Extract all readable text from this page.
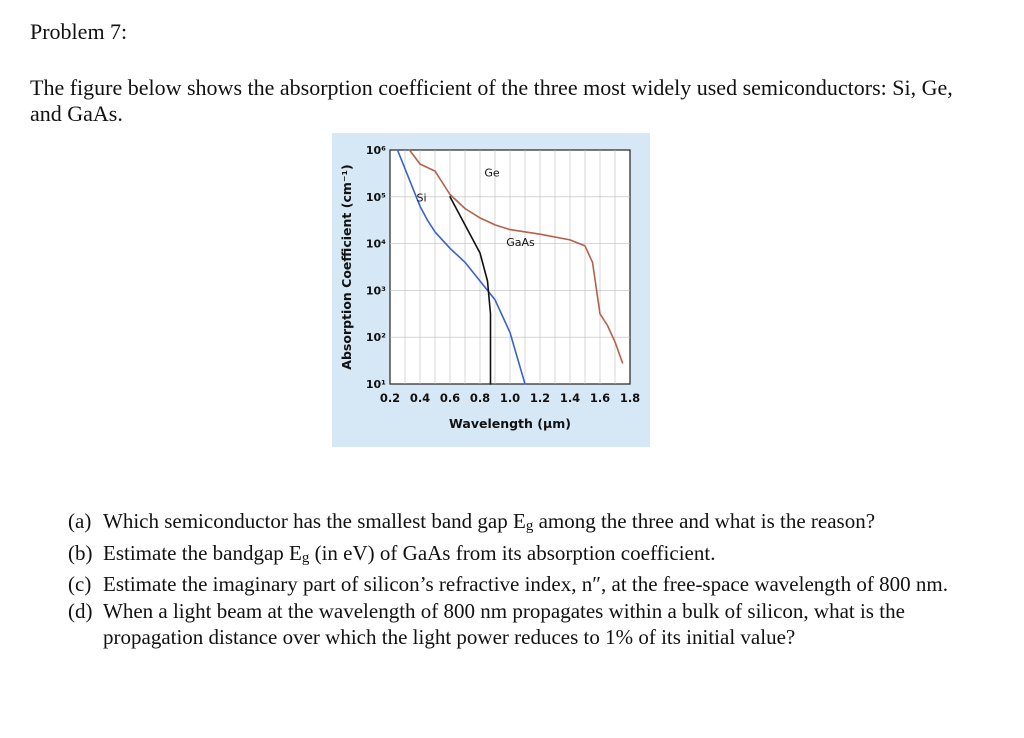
Problem 7:
The figure below shows the absorption coefficient of the three most widely used semiconductors: Si, Ge, and GaAs.
0.2 0.4 0.6 0.8 1.0 1.2 1.4 1.6 1.8
10¹
10²
10³
10⁴
10⁵
10⁶
Ge
Si
GaAs
Wavelength (μm)
Absorption Coefficient (cm⁻¹)

(a) Which semiconductor has the smallest band gap Eg among the three and what is the reason?

(b) Estimate the bandgap Eg (in eV) of GaAs from its absorption coefficient.

(c) Estimate the imaginary part of silicon’s refractive index, n″, at the free-space wavelength of 800 nm.

(d) When a light beam at the wavelength of 800 nm propagates within a bulk of silicon, what is the propagation distance over which the light power reduces to 1% of its initial value?
